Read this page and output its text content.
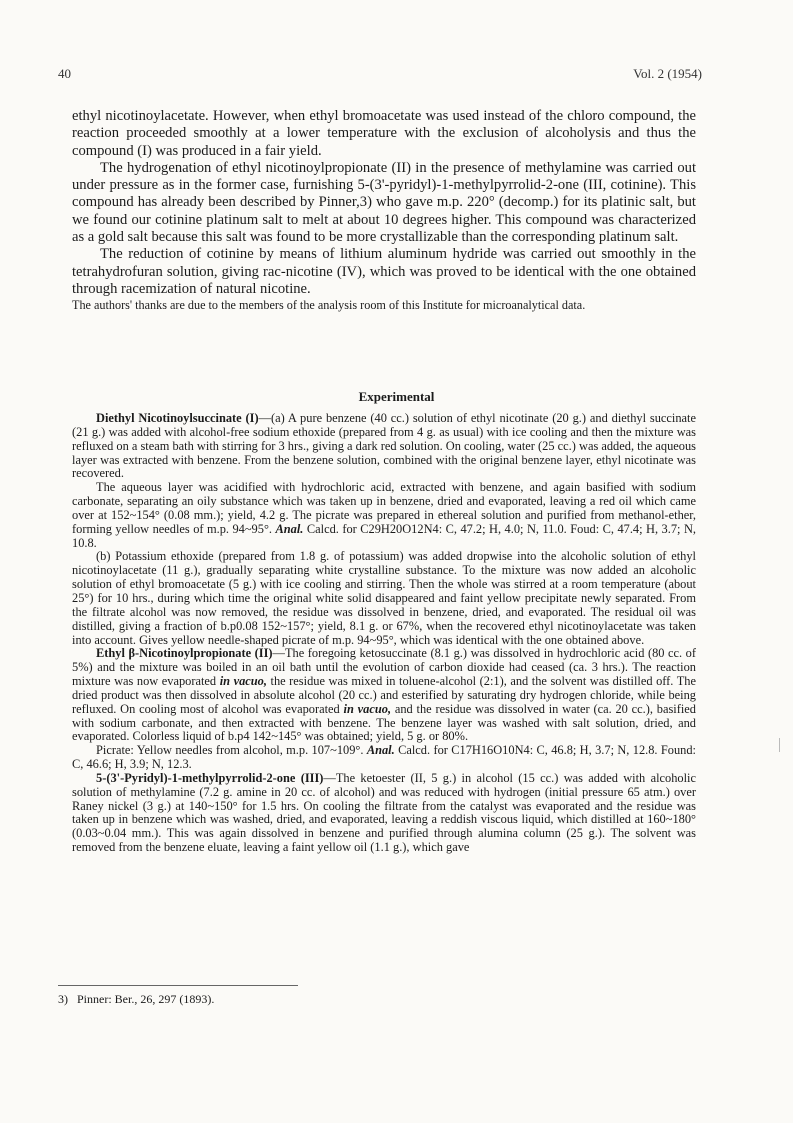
40	Vol. 2 (1954)

ethyl nicotinoylacetate. However, when ethyl bromoacetate was used instead of the chloro compound, the reaction proceeded smoothly at a lower temperature with the exclusion of alcoholysis and thus the compound (I) was produced in a fair yield.

The hydrogenation of ethyl nicotinoylpropionate (II) in the presence of methylamine was carried out under pressure as in the former case, furnishing 5-(3'-pyridyl)-1-methylpyrrolid-2-one (III, cotinine). This compound has already been described by Pinner,3) who gave m.p. 220° (decomp.) for its platinic salt, but we found our cotinine platinum salt to melt at about 10 degrees higher. This compound was characterized as a gold salt because this salt was found to be more crystallizable than the corresponding platinum salt.

The reduction of cotinine by means of lithium aluminum hydride was carried out smoothly in the tetrahydrofuran solution, giving rac-nicotine (IV), which was proved to be identical with the one obtained through racemization of natural nicotine.

The authors' thanks are due to the members of the analysis room of this Institute for microanalytical data.

Experimental

Diethyl Nicotinoylsuccinate (I)—(a) A pure benzene (40 cc.) solution of ethyl nicotinate (20 g.) and diethyl succinate (21 g.) was added with alcohol-free sodium ethoxide (prepared from 4 g. as usual) with ice cooling and then the mixture was refluxed on a steam bath with stirring for 3 hrs., giving a dark red solution. On cooling, water (25 cc.) was added, the aqueous layer was extracted with benzene. From the benzene solution, combined with the original benzene layer, ethyl nicotinate was recovered.

The aqueous layer was acidified with hydrochloric acid, extracted with benzene, and again basified with sodium carbonate, separating an oily substance which was taken up in benzene, dried and evaporated, leaving a red oil which came over at 152~154° (0.08 mm.); yield, 4.2 g. The picrate was prepared in ethereal solution and purified from methanol-ether, forming yellow needles of m.p. 94~95°. Anal. Calcd. for C29H20O12N4: C, 47.2; H, 4.0; N, 11.0. Foud: C, 47.4; H, 3.7; N, 10.8.

(b) Potassium ethoxide (prepared from 1.8 g. of potassium) was added dropwise into the alcoholic solution of ethyl nicotinoylacetate (11 g.), gradually separating white crystalline substance. To the mixture was now added an alcoholic solution of ethyl bromoacetate (5 g.) with ice cooling and stirring. Then the whole was stirred at a room temperature (about 25°) for 10 hrs., during which time the original white solid disappeared and faint yellow precipitate newly separated. From the filtrate alcohol was now removed, the residue was dissolved in benzene, dried, and evaporated. The residual oil was distilled, giving a fraction of b.p0.08 152~157°; yield, 8.1 g. or 67%, when the recovered ethyl nicotinoylacetate was taken into account. Gives yellow needle-shaped picrate of m.p. 94~95°, which was identical with the one obtained above.

Ethyl β-Nicotinoylpropionate (II)—The foregoing ketosuccinate (8.1 g.) was dissolved in hydrochloric acid (80 cc. of 5%) and the mixture was boiled in an oil bath until the evolution of carbon dioxide had ceased (ca. 3 hrs.). The reaction mixture was now evaporated in vacuo, the residue was mixed in toluene-alcohol (2:1), and the solvent was distilled off. The dried product was then dissolved in absolute alcohol (20 cc.) and esterified by saturating dry hydrogen chloride, while being refluxed. On cooling most of alcohol was evaporated in vacuo, and the residue was dissolved in water (ca. 20 cc.), basified with sodium carbonate, and then extracted with benzene. The benzene layer was washed with salt solution, dried, and evaporated. Colorless liquid of b.p4 142~145° was obtained; yield, 5 g. or 80%.

Picrate: Yellow needles from alcohol, m.p. 107~109°. Anal. Calcd. for C17H16O10N4: C, 46.8; H, 3.7; N, 12.8. Found: C, 46.6; H, 3.9; N, 12.3.

5-(3'-Pyridyl)-1-methylpyrrolid-2-one (III)—The ketoester (II, 5 g.) in alcohol (15 cc.) was added with alcoholic solution of methylamine (7.2 g. amine in 20 cc. of alcohol) and was reduced with hydrogen (initial pressure 65 atm.) over Raney nickel (3 g.) at 140~150° for 1.5 hrs. On cooling the filtrate from the catalyst was evaporated and the residue was taken up in benzene which was washed, dried, and evaporated, leaving a reddish viscous liquid, which distilled at 160~180° (0.03~0.04 mm.). This was again dissolved in benzene and purified through alumina column (25 g.). The solvent was removed from the benzene eluate, leaving a faint yellow oil (1.1 g.), which gave

3) Pinner: Ber., 26, 297 (1893).
